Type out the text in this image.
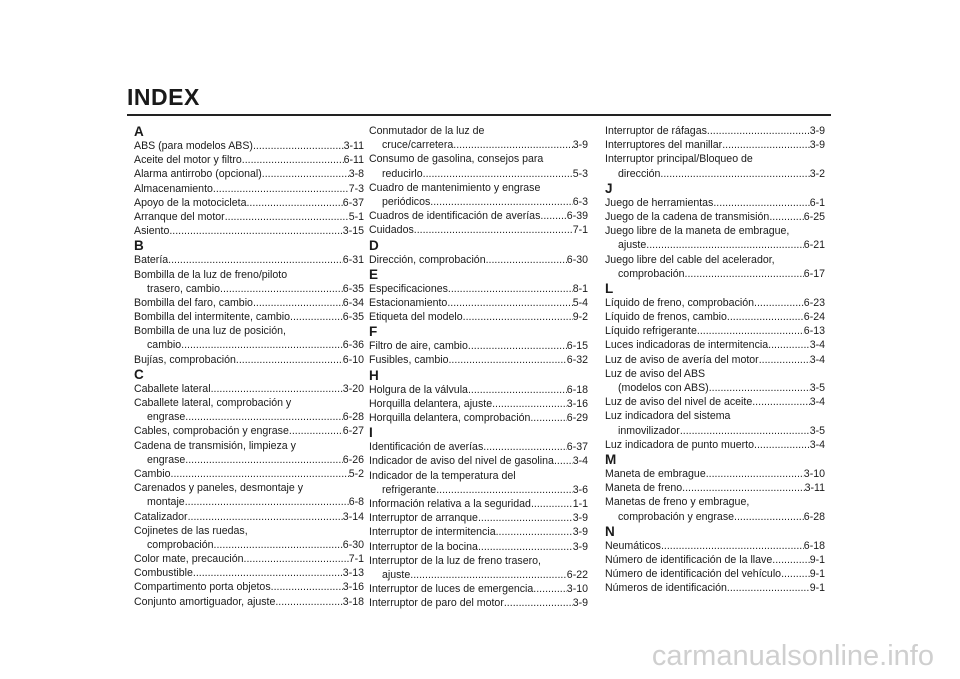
INDEX
A
ABS (para modelos ABS) .....	3-11
Aceite del motor y filtro .....	6-11
Alarma antirrobo (opcional) .....	3-8
Almacenamiento .....	7-3
Apoyo de la motocicleta .....	6-37
Arranque del motor .....	5-1
Asiento .....	3-15
B
Batería .....	6-31
Bombilla de la luz de freno/piloto
trasero, cambio .....	6-35
Bombilla del faro, cambio .....	6-34
Bombilla del intermitente, cambio .....	6-35
Bombilla de una luz de posición,
cambio .....	6-36
Bujías, comprobación .....	6-10
C
Caballete lateral .....	3-20
Caballete lateral, comprobación y
engrase .....	6-28
Cables, comprobación y engrase .....	6-27
Cadena de transmisión, limpieza y
engrase .....	6-26
Cambio .....	5-2
Carenados y paneles, desmontaje y
montaje .....	6-8
Catalizador .....	3-14
Cojinetes de las ruedas,
comprobación .....	6-30
Color mate, precaución .....	7-1
Combustible .....	3-13
Compartimento porta objetos .....	3-16
Conjunto amortiguador, ajuste .....	3-18
Conmutador de la luz de
cruce/carretera .....	3-9
Consumo de gasolina, consejos para
reducirlo .....	5-3
Cuadro de mantenimiento y engrase
periódicos .....	6-3
Cuadros de identificación de averías ..... 6-39
Cuidados .....	7-1
D
Dirección, comprobación .....	6-30
E
Especificaciones .....	8-1
Estacionamiento .....	5-4
Etiqueta del modelo .....	9-2
F
Filtro de aire, cambio .....	6-15
Fusibles, cambio .....	6-32
H
Holgura de la válvula .....	6-18
Horquilla delantera, ajuste .....	3-16
Horquilla delantera, comprobación .....	6-29
I
Identificación de averías .....	6-37
Indicador de aviso del nivel de gasolina ..... 3-4
Indicador de la temperatura del
refrigerante .....	3-6
Información relativa a la seguridad .....	1-1
Interruptor de arranque .....	3-9
Interruptor de intermitencia .....	3-9
Interruptor de la bocina .....	3-9
Interruptor de la luz de freno trasero,
ajuste .....	6-22
Interruptor de luces de emergencia .....	3-10
Interruptor de paro del motor .....	3-9
Interruptor de ráfagas .....	3-9
Interruptores del manillar .....	3-9
Interruptor principal/Bloqueo de
dirección .....	3-2
J
Juego de herramientas .....	6-1
Juego de la cadena de transmisión .....	6-25
Juego libre de la maneta de embrague,
ajuste .....	6-21
Juego libre del cable del acelerador,
comprobación .....	6-17
L
Líquido de freno, comprobación .....	6-23
Líquido de frenos, cambio .....	6-24
Líquido refrigerante .....	6-13
Luces indicadoras de intermitencia .....	3-4
Luz de aviso de avería del motor .....	3-4
Luz de aviso del ABS
(modelos con ABS) .....	3-5
Luz de aviso del nivel de aceite .....	3-4
Luz indicadora del sistema
inmovilizador .....	3-5
Luz indicadora de punto muerto .....	3-4
M
Maneta de embrague .....	3-10
Maneta de freno .....	3-11
Manetas de freno y embrague,
comprobación y engrase .....	6-28
N
Neumáticos .....	6-18
Número de identificación de la llave .....	9-1
Número de identificación del vehículo .....	9-1
Números de identificación .....	9-1
carmanualsonline.info
